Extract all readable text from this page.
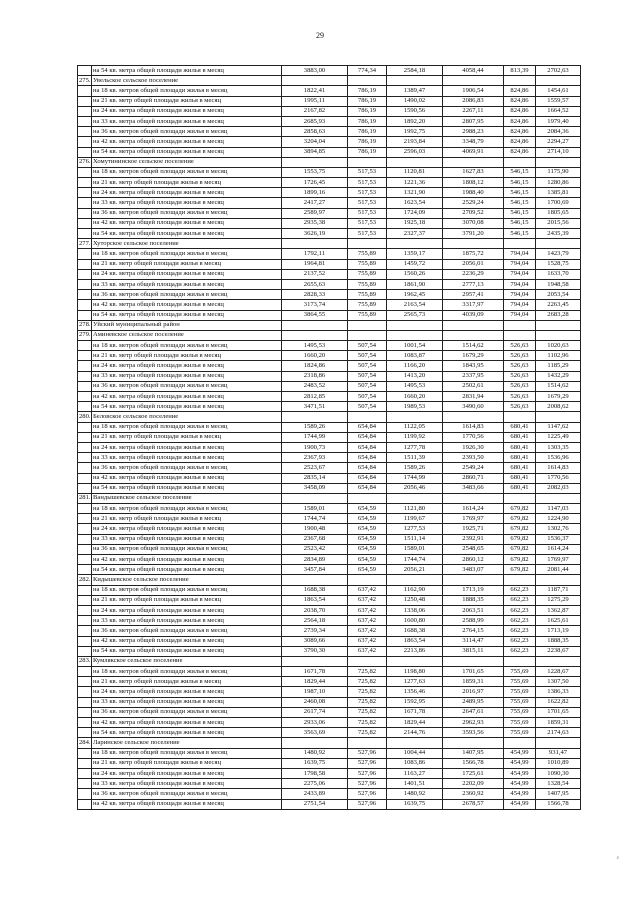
29
	на 54 кв. метра общей площади жилья в месяц	3883,00	774,34	2584,18	4058,44	813,39	2702,63
275.	Увельское сельское поселение						
	на 18 кв. метров общей площади жилья в месяц	1822,41	786,19	1389,47	1906,54	824,86	1454,61
	на 21 кв. метр общей площади жилья в месяц	1995,11	786,19	1490,02	2086,83	824,86	1559,57
	на 24 кв. метра общей площади жилья в месяц	2167,82	786,19	1590,56	2267,11	824,86	1664,52
	на 33 кв. метра общей площади жилья в месяц	2685,93	786,19	1892,20	2807,95	824,86	1979,40
	на 36 кв. метров общей площади жилья в месяц	2858,63	786,19	1992,75	2988,23	824,86	2084,36
	на 42 кв. метра общей площади жилья в месяц	3204,04	786,19	2193,84	3348,79	824,86	2294,27
	на 54 кв. метра общей площади жилья в месяц	3894,85	786,19	2596,03	4069,91	824,86	2714,10
276.	Хомутининское сельское поселение						
	на 18 кв. метров общей площади жилья в месяц	1553,75	517,53	1120,81	1627,83	546,15	1175,90
	на 21 кв. метр общей площади жилья в месяц	1726,45	517,53	1221,36	1808,12	546,15	1280,86
	на 24 кв. метра общей площади жилья в месяц	1899,16	517,53	1321,90	1988,40	546,15	1385,81
	на 33 кв. метра общей площади жилья в месяц	2417,27	517,53	1623,54	2529,24	546,15	1700,69
	на 36 кв. метров общей площади жилья в месяц	2589,97	517,53	1724,09	2709,52	546,15	1805,65
	на 42 кв. метра общей площади жилья в месяц	2935,38	517,53	1925,18	3070,08	546,15	2015,56
	на 54 кв. метра общей площади жилья в месяц	3626,19	517,53	2327,37	3791,20	546,15	2435,39
277.	Хуторское сельское поселение						
	на 18 кв. метров общей площади жилья в месяц	1792,11	755,89	1359,17	1875,72	794,04	1423,79
	на 21 кв. метр общей площади жилья в месяц	1964,81	755,89	1459,72	2056,01	794,04	1528,75
	на 24 кв. метра общей площади жилья в месяц	2137,52	755,89	1560,26	2236,29	794,04	1633,70
	на 33 кв. метра общей площади жилья в месяц	2655,63	755,89	1861,90	2777,13	794,04	1948,58
	на 36 кв. метров общей площади жилья в месяц	2828,33	755,89	1962,45	2957,41	794,04	2053,54
	на 42 кв. метра общей площади жилья в месяц	3173,74	755,89	2163,54	3317,97	794,04	2263,45
	на 54 кв. метра общей площади жилья в месяц	3864,55	755,89	2565,73	4039,09	794,04	2683,28
278.	Уйский муниципальный район						
279.	Аминевское сельское поселение						
	на 18 кв. метров общей площади жилья в месяц	1495,53	507,54	1001,54	1514,62	526,63	1020,63
	на 21 кв. метр общей площади жилья в месяц	1660,20	507,54	1083,87	1679,29	526,63	1102,96
	на 24 кв. метра общей площади жилья в месяц	1824,86	507,54	1166,20	1843,95	526,63	1185,29
	на 33 кв. метра общей площади жилья в месяц	2318,86	507,54	1413,20	2337,95	526,63	1432,29
	на 36 кв. метров общей площади жилья в месяц	2483,52	507,54	1495,53	2502,61	526,63	1514,62
	на 42 кв. метра общей площади жилья в месяц	2812,85	507,54	1660,20	2831,94	526,63	1679,29
	на 54 кв. метра общей площади жилья в месяц	3471,51	507,54	1989,53	3490,60	526,63	2008,62
280.	Беловское сельское поселение						
	на 18 кв. метров общей площади жилья в месяц	1589,26	654,84	1122,05	1614,83	680,41	1147,62
	на 21 кв. метр общей площади жилья в месяц	1744,99	654,84	1199,92	1770,56	680,41	1225,49
	на 24 кв. метра общей площади жилья в месяц	1900,73	654,84	1277,78	1926,30	680,41	1303,35
	на 33 кв. метра общей площади жилья в месяц	2367,93	654,84	1511,39	2393,50	680,41	1536,96
	на 36 кв. метров общей площади жилья в месяц	2523,67	654,84	1589,26	2549,24	680,41	1614,83
	на 42 кв. метра общей площади жилья в месяц	2835,14	654,84	1744,99	2860,71	680,41	1770,56
	на 54 кв. метра общей площади жилья в месяц	3458,09	654,84	2056,46	3483,66	680,41	2082,03
281.	Вандышевское сельское поселение						
	на 18 кв. метров общей площади жилья в месяц	1589,01	654,59	1121,80	1614,24	679,82	1147,03
	на 21 кв. метр общей площади жилья в месяц	1744,74	654,59	1199,67	1769,97	679,82	1224,90
	на 24 кв. метра общей площади жилья в месяц	1900,48	654,59	1277,53	1925,71	679,82	1302,76
	на 33 кв. метра общей площади жилья в месяц	2367,68	654,59	1511,14	2392,91	679,82	1536,37
	на 36 кв. метров общей площади жилья в месяц	2523,42	654,59	1589,01	2548,65	679,82	1614,24
	на 42 кв. метра общей площади жилья в месяц	2834,89	654,59	1744,74	2860,12	679,82	1769,97
	на 54 кв. метра общей площади жилья в месяц	3457,84	654,59	2056,21	3483,07	679,82	2081,44
282.	Кидышевское сельское поселение						
	на 18 кв. метров общей площади жилья в месяц	1688,38	637,42	1162,90	1713,19	662,23	1187,71
	на 21 кв. метр общей площади жилья в месяц	1863,54	637,42	1250,48	1888,35	662,23	1275,29
	на 24 кв. метра общей площади жилья в месяц	2038,70	637,42	1338,06	2063,51	662,23	1362,87
	на 33 кв. метра общей площади жилья в месяц	2564,18	637,42	1600,80	2588,99	662,23	1625,61
	на 36 кв. метров общей площади жилья в месяц	2739,34	637,42	1688,38	2764,15	662,23	1713,19
	на 42 кв. метра общей площади жилья в месяц	3089,66	637,42	1863,54	3114,47	662,23	1888,35
	на 54 кв. метра общей площади жилья в месяц	3790,30	637,42	2213,86	3815,11	662,23	2238,67
283.	Кумлякское сельское поселение						
	на 18 кв. метров общей площади жилья в месяц	1671,78	725,82	1198,80	1701,65	755,69	1228,67
	на 21 кв. метр общей площади жилья в месяц	1829,44	725,82	1277,63	1859,31	755,69	1307,50
	на 24 кв. метра общей площади жилья в месяц	1987,10	725,82	1356,46	2016,97	755,69	1386,33
	на 33 кв. метра общей площади жилья в месяц	2460,08	725,82	1592,95	2489,95	755,69	1622,82
	на 36 кв. метров общей площади жилья в месяц	2617,74	725,82	1671,78	2647,61	755,69	1701,65
	на 42 кв. метра общей площади жилья в месяц	2933,06	725,82	1829,44	2962,93	755,69	1859,31
	на 54 кв. метра общей площади жилья в месяц	3563,69	725,82	2144,76	3593,56	755,69	2174,63
284.	Ларинское сельское поселение						
	на 18 кв. метров общей площади жилья в месяц	1480,92	527,96	1004,44	1407,95	454,99	931,47
	на 21 кв. метр общей площади жилья в месяц	1639,75	527,96	1083,86	1566,78	454,99	1010,89
	на 24 кв. метра общей площади жилья в месяц	1798,58	527,96	1163,27	1725,61	454,99	1090,30
	на 33 кв. метра общей площади жилья в месяц	2275,06	527,96	1401,51	2202,09	454,99	1328,54
	на 36 кв. метров общей площади жилья в месяц	2433,89	527,96	1480,92	2360,92	454,99	1407,95
	на 42 кв. метра общей площади жилья в месяц	2751,54	527,96	1639,75	2678,57	454,99	1566,78
c
